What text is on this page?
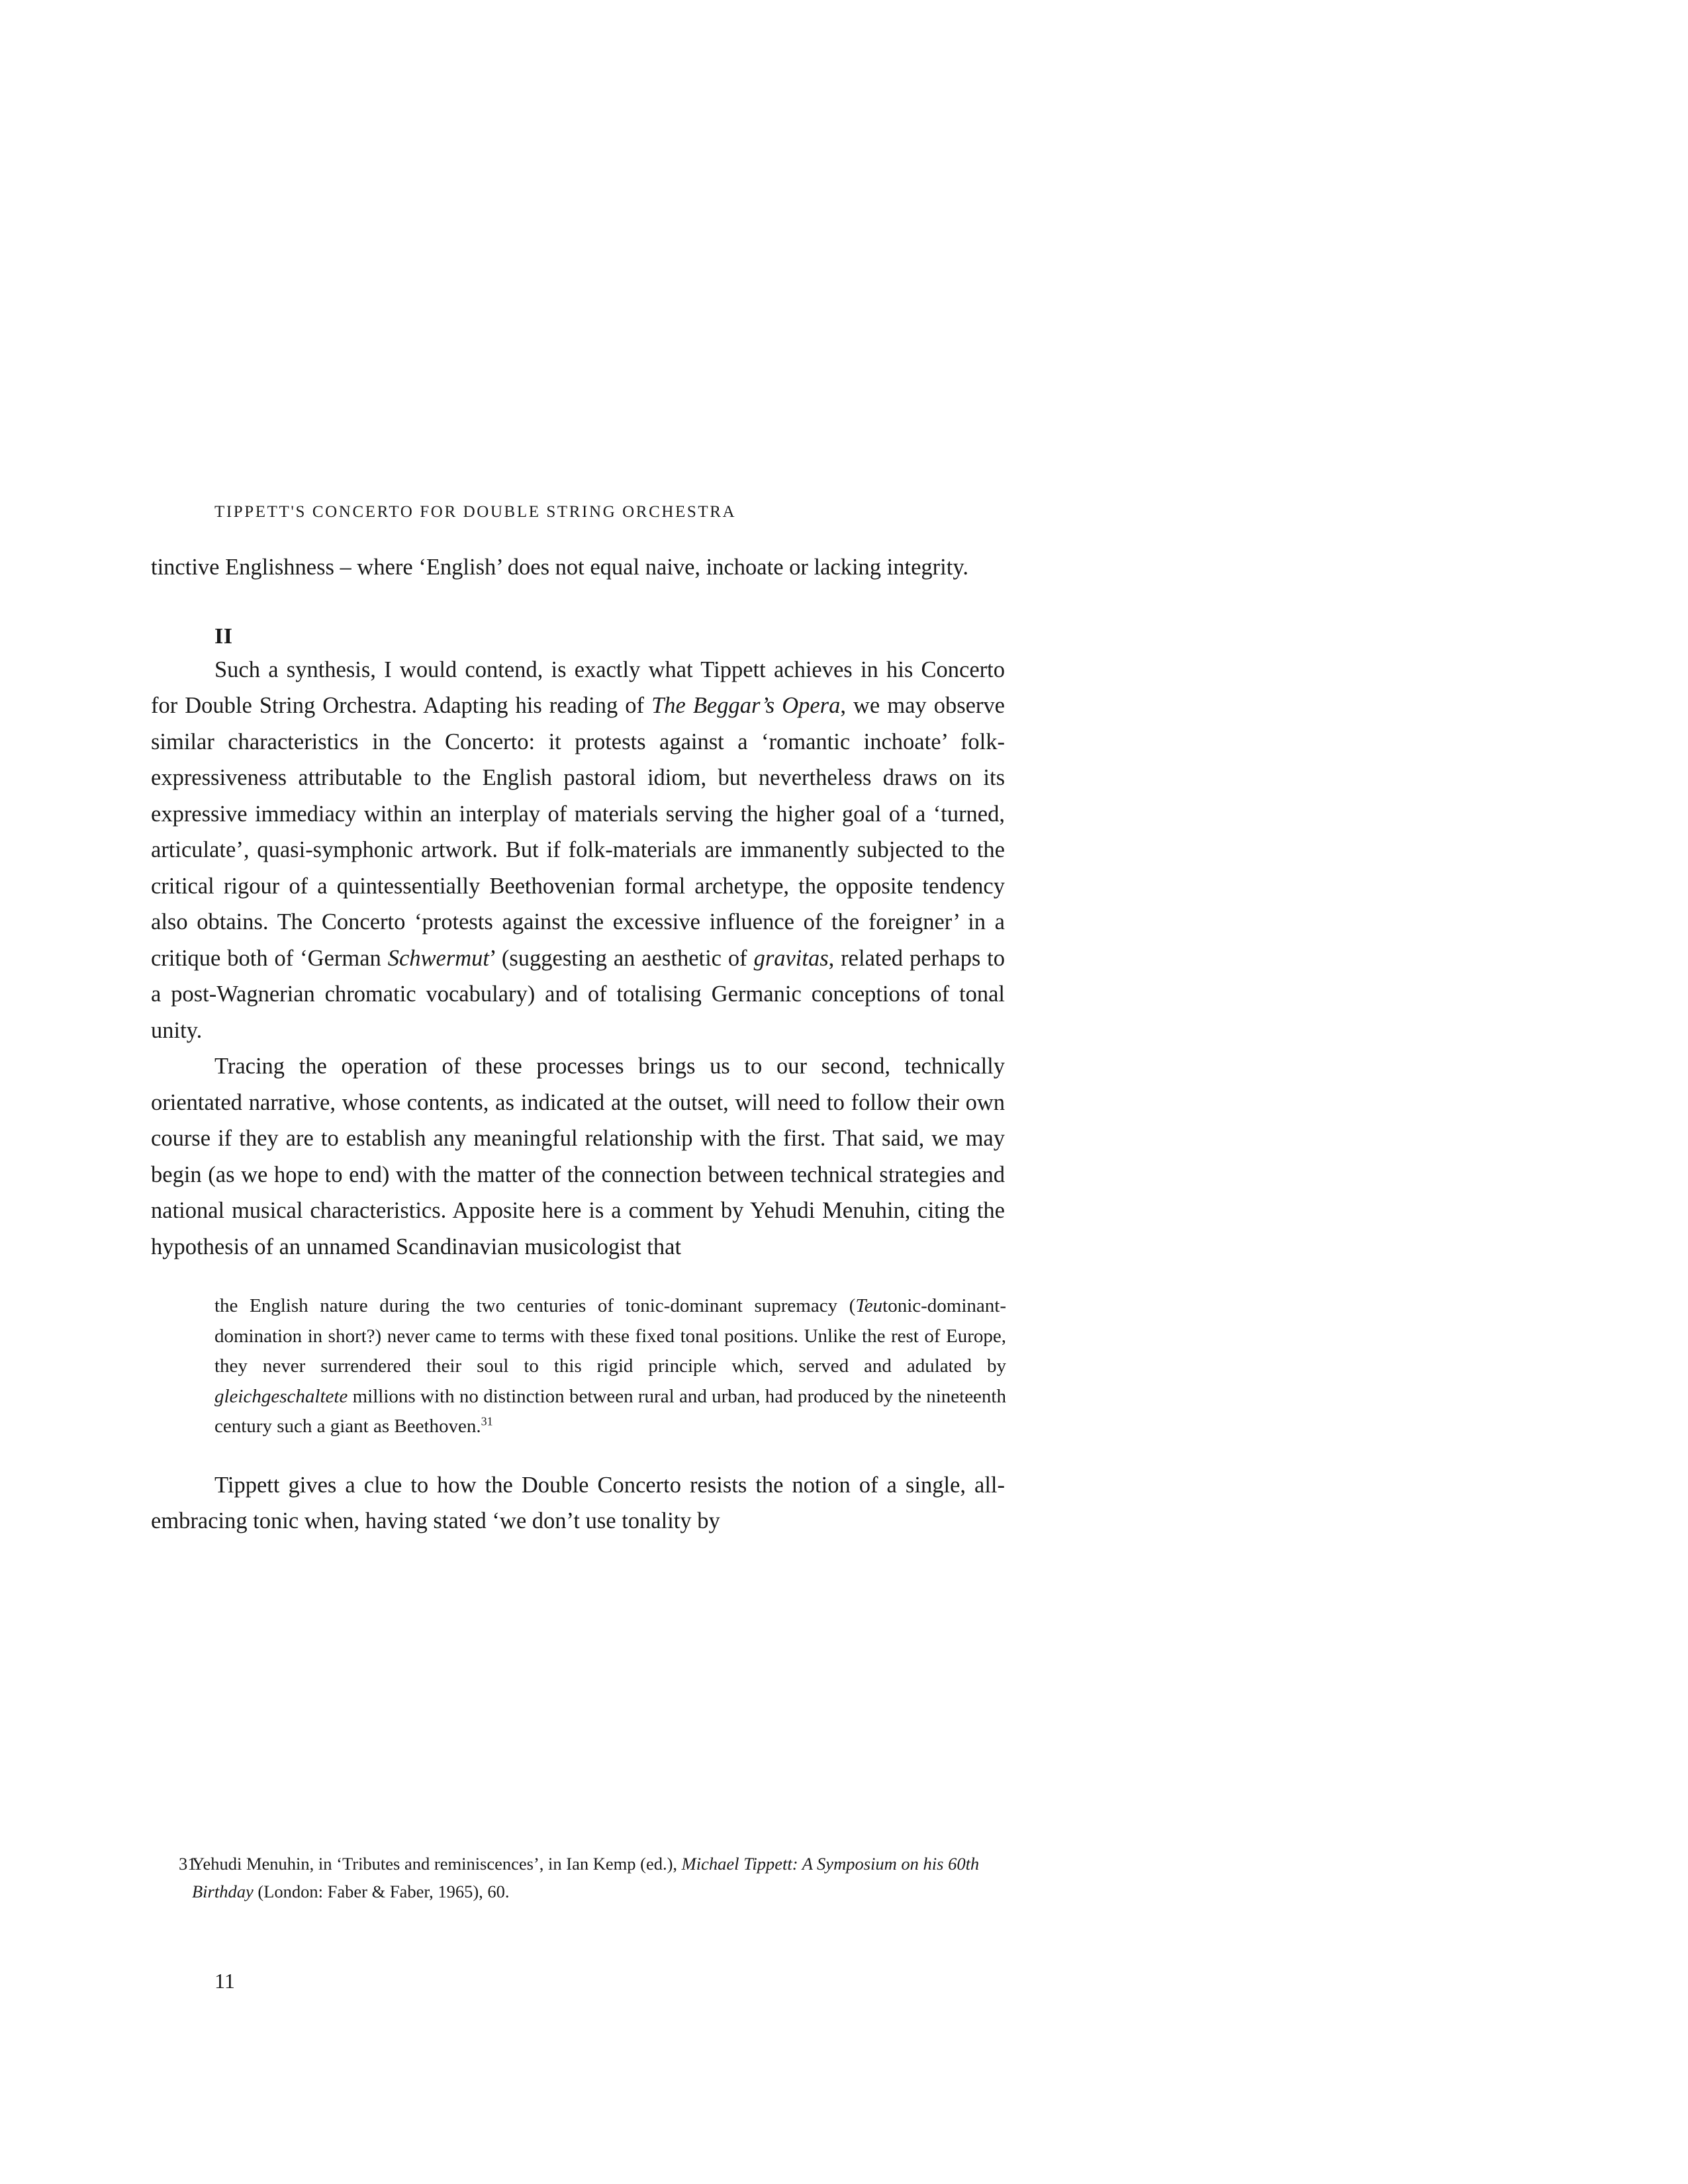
TIPPETT'S CONCERTO FOR DOUBLE STRING ORCHESTRA

tinctive Englishness – where ‘English’ does not equal naive, inchoate or lacking integrity.

II

Such a synthesis, I would contend, is exactly what Tippett achieves in his Concerto for Double String Orchestra. Adapting his reading of The Beggar’s Opera, we may observe similar characteristics in the Concerto: it protests against a ‘romantic inchoate’ folk-expressiveness attributable to the English pastoral idiom, but nevertheless draws on its expressive immediacy within an interplay of materials serving the higher goal of a ‘turned, articulate’, quasi-symphonic artwork. But if folk-materials are immanently subjected to the critical rigour of a quintessentially Beethovenian formal archetype, the opposite tendency also obtains. The Concerto ‘protests against the excessive influence of the foreigner’ in a critique both of ‘German Schwermut’ (suggesting an aesthetic of gravitas, related perhaps to a post-Wagnerian chromatic vocabulary) and of totalising Germanic conceptions of tonal unity.

Tracing the operation of these processes brings us to our second, technically orientated narrative, whose contents, as indicated at the outset, will need to follow their own course if they are to establish any meaningful relationship with the first. That said, we may begin (as we hope to end) with the matter of the connection between technical strategies and national musical characteristics. Apposite here is a comment by Yehudi Menuhin, citing the hypothesis of an unnamed Scandinavian musicologist that

the English nature during the two centuries of tonic-dominant supremacy (Teutonic-dominant-domination in short?) never came to terms with these fixed tonal positions. Unlike the rest of Europe, they never surrendered their soul to this rigid principle which, served and adulated by gleichgeschaltete millions with no distinction between rural and urban, had produced by the nineteenth century such a giant as Beethoven.$^{31}$

Tippett gives a clue to how the Double Concerto resists the notion of a single, all-embracing tonic when, having stated ‘we don’t use tonality by

31
Yehudi Menuhin, in ‘Tributes and reminiscences’, in Ian Kemp (ed.), Michael Tippett: A Symposium on his 60th Birthday (London: Faber & Faber, 1965), 60.
11
